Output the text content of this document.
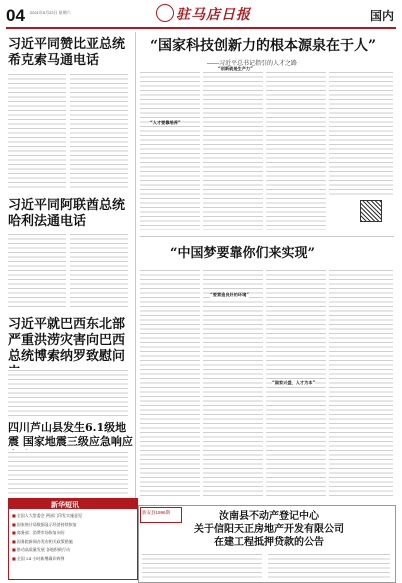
04 2021年5月22日 星期六	驻马店日报	国内
习近平同赞比亚总统希克索马通电话
习近平同阿联酋总统哈利法通电话
习近平就巴西东北部严重洪涝灾害向巴西总统博索纳罗致慰问
四川芦山县发生6.1级地震 国家地震三级应急响应
“国家科技创新力的根本源泉在于人”
——习近平总书记指引的人才之路
“创新就是生产力”
“人才要靠培养”
“中国梦要靠你们来实现”
“要营造良好的环境”
“国家兴盛，人才为本”
新华短讯
■ 全国人大常委会 两部门印发实施意见
■ 国家统计局数据显示经济持续恢复
■ 商务部：消费市场恢复向好
■ 国务院新闻办发布相关政策措施
■ 推动高质量发展 各地积极行动
■ 全国 24 小时新增确诊病例
新安县1996期	汝南县不动产登记中心
关于信阳天正房地产开发有限公司
在建工程抵押贷款的公告
